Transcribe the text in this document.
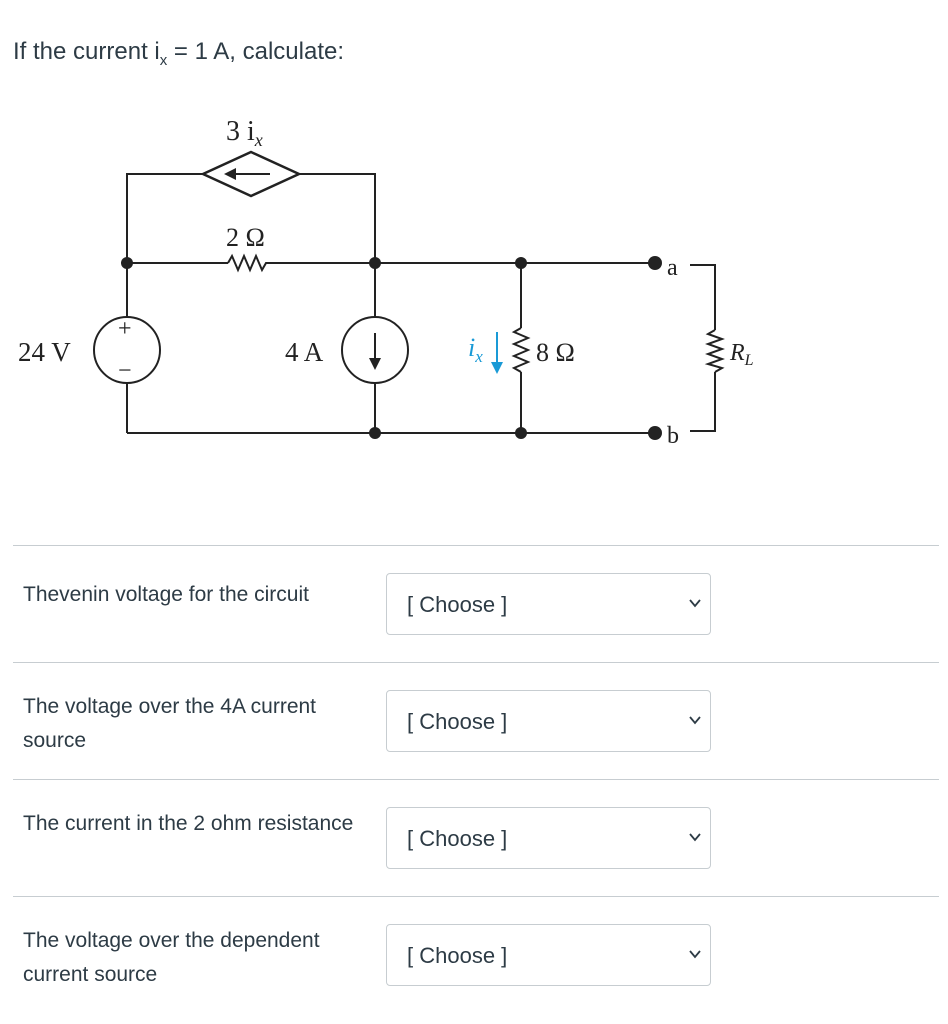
If the current $i_x = 1$ A, calculate:
3 $i_x$
2 Ω
+
−
24 V	4 A	$i_x$ 8 Ω	$R_L$
a
b
Thevenin voltage for the circuit	[ Choose ]
The voltage over the 4A current source
[ Choose ]
The current in the 2 ohm resistance
[ Choose ]
The voltage over the dependent current source
[ Choose ]
